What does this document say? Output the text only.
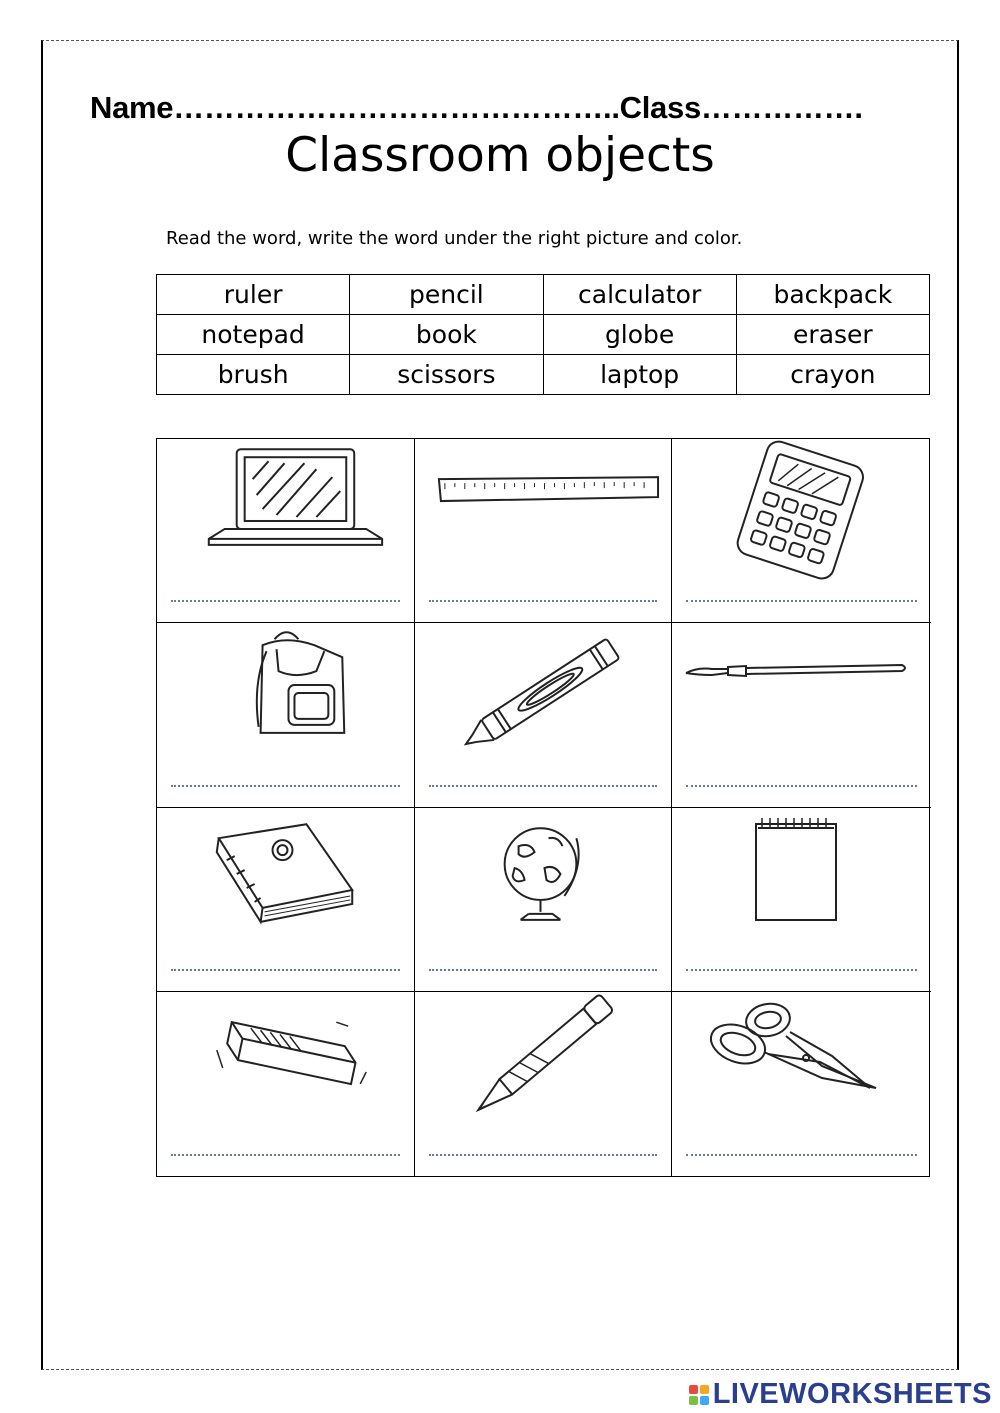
Name……………………………………..Class…………….
Classroom objects
Read the word, write the word under the right picture and color.
ruler	pencil	calculator	backpack
notepad	book	globe	eraser
brush	scissors	laptop	crayon
LIVEWORKSHEETS
